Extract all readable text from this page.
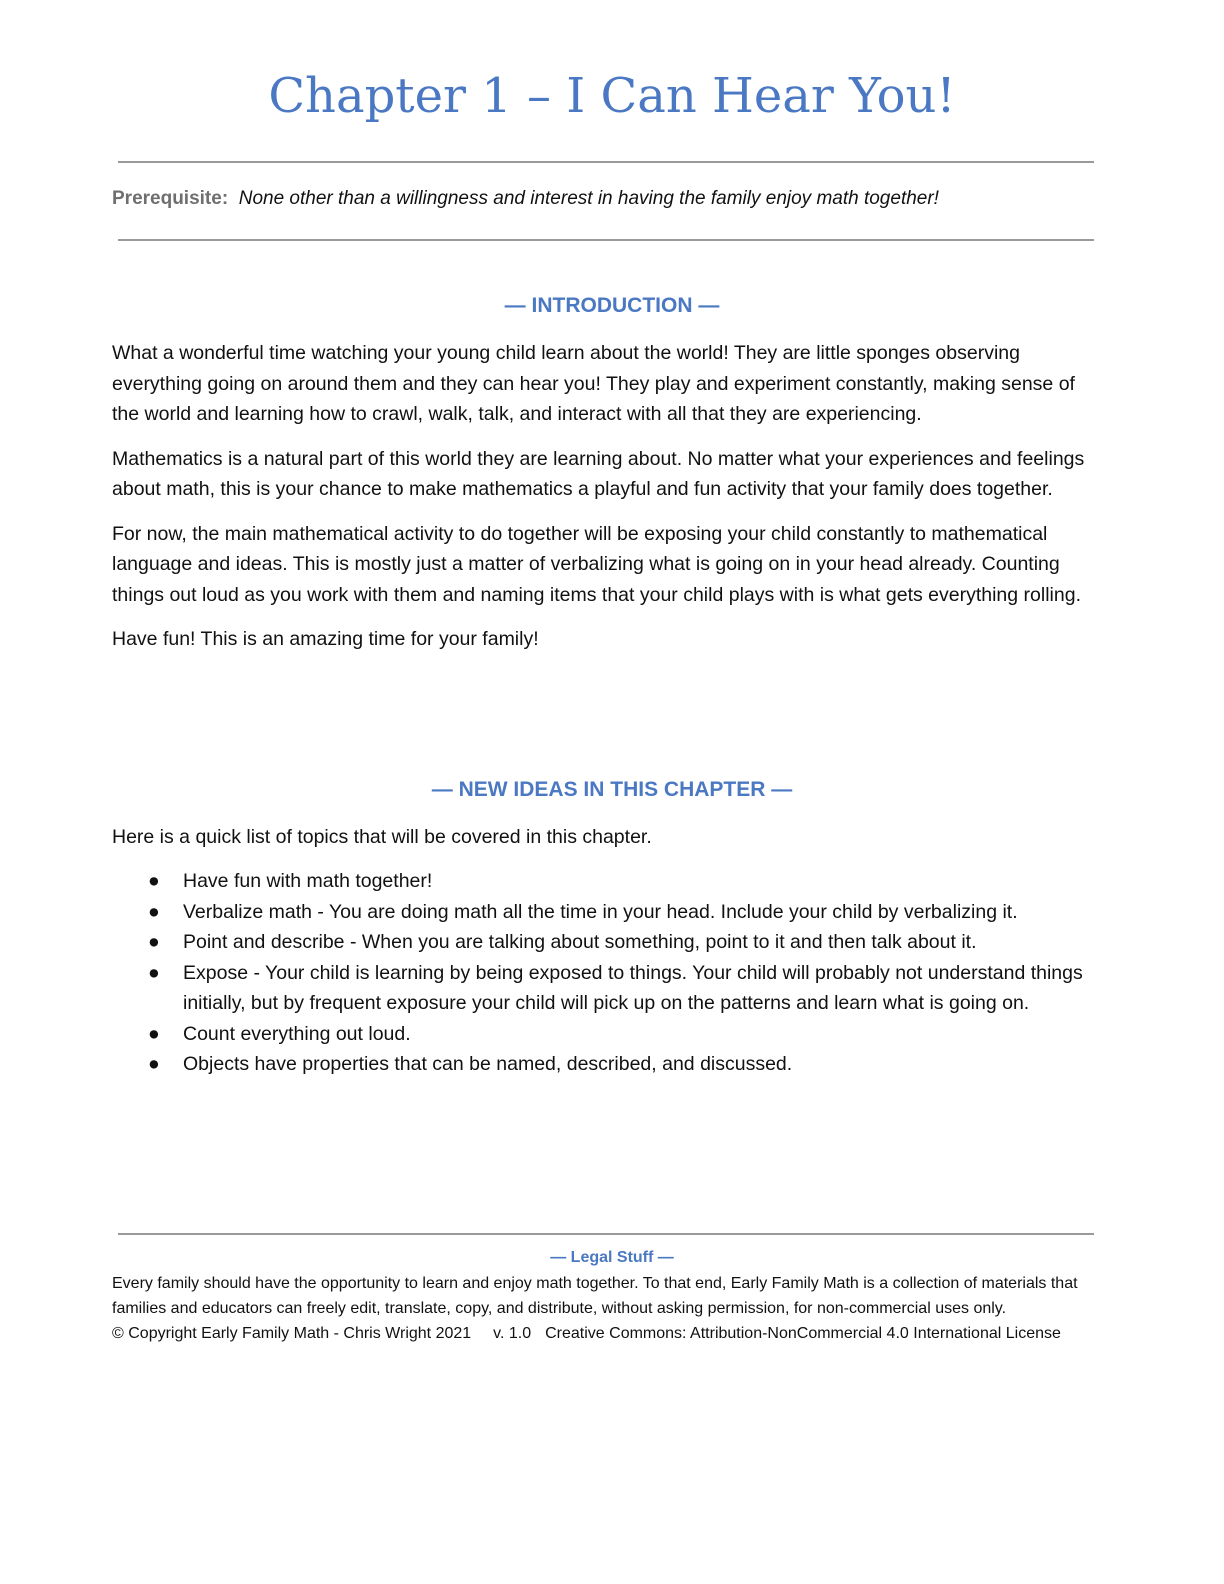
Chapter 1 – I Can Hear You!
Prerequisite: None other than a willingness and interest in having the family enjoy math together!
— INTRODUCTION —

What a wonderful time watching your young child learn about the world! They are little sponges observing everything going on around them and they can hear you! They play and experiment constantly, making sense of the world and learning how to crawl, walk, talk, and interact with all that they are experiencing.

Mathematics is a natural part of this world they are learning about. No matter what your experiences and feelings about math, this is your chance to make mathematics a playful and fun activity that your family does together.

For now, the main mathematical activity to do together will be exposing your child constantly to mathematical language and ideas. This is mostly just a matter of verbalizing what is going on in your head already. Counting things out loud as you work with them and naming items that your child plays with is what gets everything rolling.

Have fun! This is an amazing time for your family!

— NEW IDEAS IN THIS CHAPTER —

Here is a quick list of topics that will be covered in this chapter.

● Have fun with math together!
● Verbalize math - You are doing math all the time in your head. Include your child by verbalizing it.
● Point and describe - When you are talking about something, point to it and then talk about it.
● Expose - Your child is learning by being exposed to things. Your child will probably not understand things initially, but by frequent exposure your child will pick up on the patterns and learn what is going on.
● Count everything out loud.
● Objects have properties that can be named, described, and discussed.
— Legal Stuff —
Every family should have the opportunity to learn and enjoy math together. To that end, Early Family Math is a collection of materials that families and educators can freely edit, translate, copy, and distribute, without asking permission, for non-commercial uses only.
© Copyright Early Family Math - Chris Wright 2021 v. 1.0 Creative Commons: Attribution-NonCommercial 4.0 International License
